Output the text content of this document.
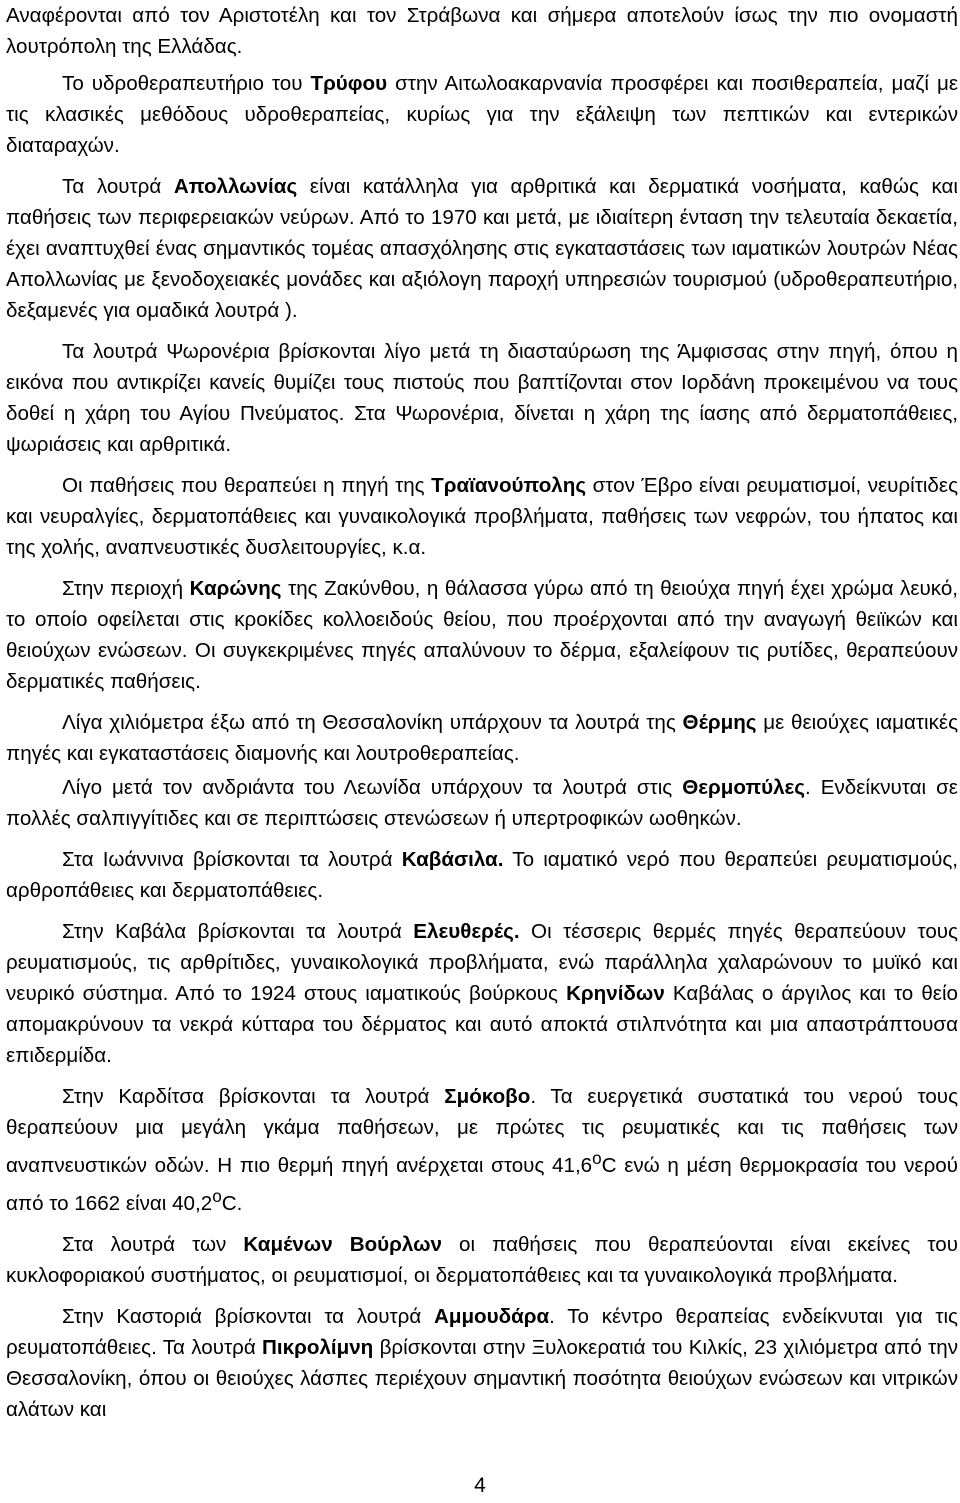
Αναφέρονται από τον Αριστοτέλη και τον Στράβωνα και σήμερα αποτελούν ίσως την πιο ονομαστή λουτρόπολη της Ελλάδας.

Το υδροθεραπευτήριο του Τρύφου στην Αιτωλοακαρνανία προσφέρει και ποσιθεραπεία, μαζί με τις κλασικές μεθόδους υδροθεραπείας, κυρίως για την εξάλειψη των πεπτικών και εντερικών διαταραχών.

Τα λουτρά Απολλωνίας είναι κατάλληλα για αρθριτικά και δερματικά νοσήματα, καθώς και παθήσεις των περιφερειακών νεύρων. Από το 1970 και μετά, με ιδιαίτερη ένταση την τελευταία δεκαετία, έχει αναπτυχθεί ένας σημαντικός τομέας απασχόλησης στις εγκαταστάσεις των ιαματικών λουτρών Νέας Απολλωνίας με ξενοδοχειακές μονάδες και αξιόλογη παροχή υπηρεσιών τουρισμού (υδροθεραπευτήριο, δεξαμενές για ομαδικά λουτρά ).

Τα λουτρά Ψωρονέρια βρίσκονται λίγο μετά τη διασταύρωση της Άμφισσας στην πηγή, όπου η εικόνα που αντικρίζει κανείς θυμίζει τους πιστούς που βαπτίζονται στον Ιορδάνη προκειμένου να τους δοθεί η χάρη του Αγίου Πνεύματος. Στα Ψωρονέρια, δίνεται η χάρη της ίασης από δερματοπάθειες, ψωριάσεις και αρθριτικά.

Οι παθήσεις που θεραπεύει η πηγή της Τραϊανούπολης στον Έβρο είναι ρευματισμοί, νευρίτιδες και νευραλγίες, δερματοπάθειες και γυναικολογικά προβλήματα, παθήσεις των νεφρών, του ήπατος και της χολής, αναπνευστικές δυσλειτουργίες, κ.α.

Στην περιοχή Καρώνης της Ζακύνθου, η θάλασσα γύρω από τη θειούχα πηγή έχει χρώμα λευκό, το οποίο οφείλεται στις κροκίδες κολλοειδούς θείου, που προέρχονται από την αναγωγή θειϊκών και θειούχων ενώσεων. Οι συγκεκριμένες πηγές απαλύνουν το δέρμα, εξαλείφουν τις ρυτίδες, θεραπεύουν δερματικές παθήσεις.

Λίγα χιλιόμετρα έξω από τη Θεσσαλονίκη υπάρχουν τα λουτρά της Θέρμης με θειούχες ιαματικές πηγές και εγκαταστάσεις διαμονής και λουτροθεραπείας.

Λίγο μετά τον ανδριάντα του Λεωνίδα υπάρχουν τα λουτρά στις Θερμοπύλες. Ενδείκνυται σε πολλές σαλπιγγίτιδες και σε περιπτώσεις στενώσεων ή υπερτροφικών ωοθηκών.

Στα Ιωάννινα βρίσκονται τα λουτρά Καβάσιλα. Το ιαματικό νερό που θεραπεύει ρευματισμούς, αρθροπάθειες και δερματοπάθειες.

Στην Καβάλα βρίσκονται τα λουτρά Ελευθερές. Οι τέσσερις θερμές πηγές θεραπεύουν τους ρευματισμούς, τις αρθρίτιδες, γυναικολογικά προβλήματα, ενώ παράλληλα χαλαρώνουν το μυϊκό και νευρικό σύστημα. Από το 1924 στους ιαματικούς βούρκους Κρηνίδων Καβάλας ο άργιλος και το θείο απομακρύνουν τα νεκρά κύτταρα του δέρματος και αυτό αποκτά στιλπνότητα και μια απαστράπτουσα επιδερμίδα.

Στην Καρδίτσα βρίσκονται τα λουτρά Σμόκοβο. Τα ευεργετικά συστατικά του νερού τους θεραπεύουν μια μεγάλη γκάμα παθήσεων, με πρώτες τις ρευματικές και τις παθήσεις των αναπνευστικών οδών. Η πιο θερμή πηγή ανέρχεται στους 41,6$^o$C ενώ η μέση θερμοκρασία του νερού από το 1662 είναι 40,2$^o$C.

Στα λουτρά των Καμένων Βούρλων οι παθήσεις που θεραπεύονται είναι εκείνες του κυκλοφοριακού συστήματος, οι ρευματισμοί, οι δερματοπάθειες και τα γυναικολογικά προβλήματα.

Στην Καστοριά βρίσκονται τα λουτρά Αμμουδάρα. Το κέντρο θεραπείας ενδείκνυται για τις ρευματοπάθειες. Τα λουτρά Πικρολίμνη βρίσκονται στην Ξυλοκερατιά του Κιλκίς, 23 χιλιόμετρα από την Θεσσαλονίκη, όπου οι θειούχες λάσπες περιέχουν σημαντική ποσότητα θειούχων ενώσεων και νιτρικών αλάτων και

4
